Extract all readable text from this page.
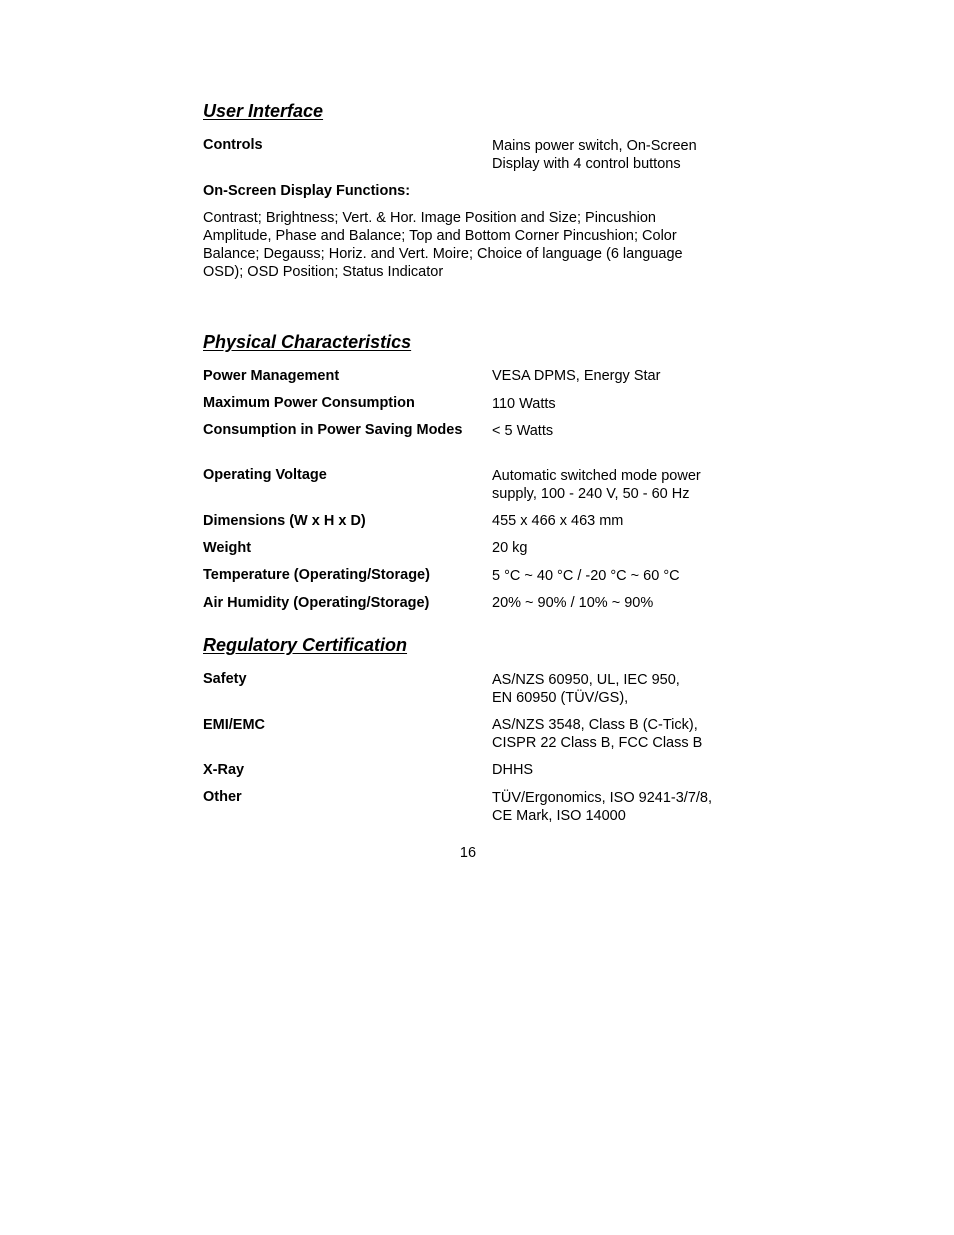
User Interface
Controls	Mains power switch, On-Screen
Display with 4 control buttons
On-Screen Display Functions:
Contrast; Brightness; Vert. & Hor. Image Position and Size; Pincushion
Amplitude, Phase and Balance; Top and Bottom Corner Pincushion; Color
Balance; Degauss; Horiz. and Vert. Moire; Choice of language (6 language
OSD); OSD Position; Status Indicator
Physical Characteristics
Power Management	VESA DPMS, Energy Star
Maximum Power Consumption	110 Watts
Consumption in Power Saving Modes	< 5 Watts
Operating Voltage	Automatic switched mode power
supply, 100 - 240 V, 50 - 60 Hz
Dimensions (W x H x D)	455 x 466 x 463 mm
Weight	20 kg
Temperature (Operating/Storage)	5 °C ~ 40 °C / -20 °C ~ 60 °C
Air Humidity (Operating/Storage)	20% ~ 90% / 10% ~ 90%
Regulatory Certification
Safety	AS/NZS 60950, UL, IEC 950,
EN 60950 (TÜV/GS),
EMI/EMC	AS/NZS 3548, Class B (C-Tick),
CISPR 22 Class B, FCC Class B
X-Ray	DHHS
Other	TÜV/Ergonomics, ISO 9241-3/7/8,
CE Mark, ISO 14000
16
